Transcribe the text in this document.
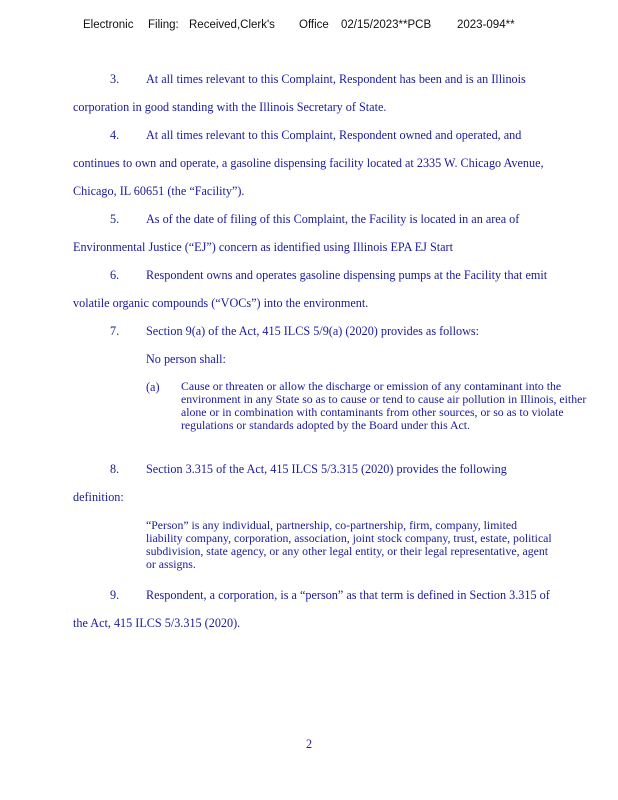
Electronic Filing: Received,Clerk's Office 02/15/2023**PCB 2023-094**
3. At all times relevant to this Complaint, Respondent has been and is an Illinois
corporation in good standing with the Illinois Secretary of State.
4. At all times relevant to this Complaint, Respondent owned and operated, and
continues to own and operate, a gasoline dispensing facility located at 2335 W. Chicago Avenue,
Chicago, IL 60651 (the “Facility”).
5. As of the date of filing of this Complaint, the Facility is located in an area of
Environmental Justice (“EJ”) concern as identified using Illinois EPA EJ Start
6. Respondent owns and operates gasoline dispensing pumps at the Facility that emit
volatile organic compounds (“VOCs”) into the environment.
7. Section 9(a) of the Act, 415 ILCS 5/9(a) (2020) provides as follows:
No person shall:
(a) Cause or threaten or allow the discharge or emission of any contaminant into the environment in any State so as to cause or tend to cause air pollution in Illinois, either alone or in combination with contaminants from other sources, or so as to violate regulations or standards adopted by the Board under this Act.
8. Section 3.315 of the Act, 415 ILCS 5/3.315 (2020) provides the following
definition:
“Person” is any individual, partnership, co-partnership, firm, company, limited liability company, corporation, association, joint stock company, trust, estate, political subdivision, state agency, or any other legal entity, or their legal representative, agent or assigns.
9. Respondent, a corporation, is a “person” as that term is defined in Section 3.315 of
the Act, 415 ILCS 5/3.315 (2020).
2
